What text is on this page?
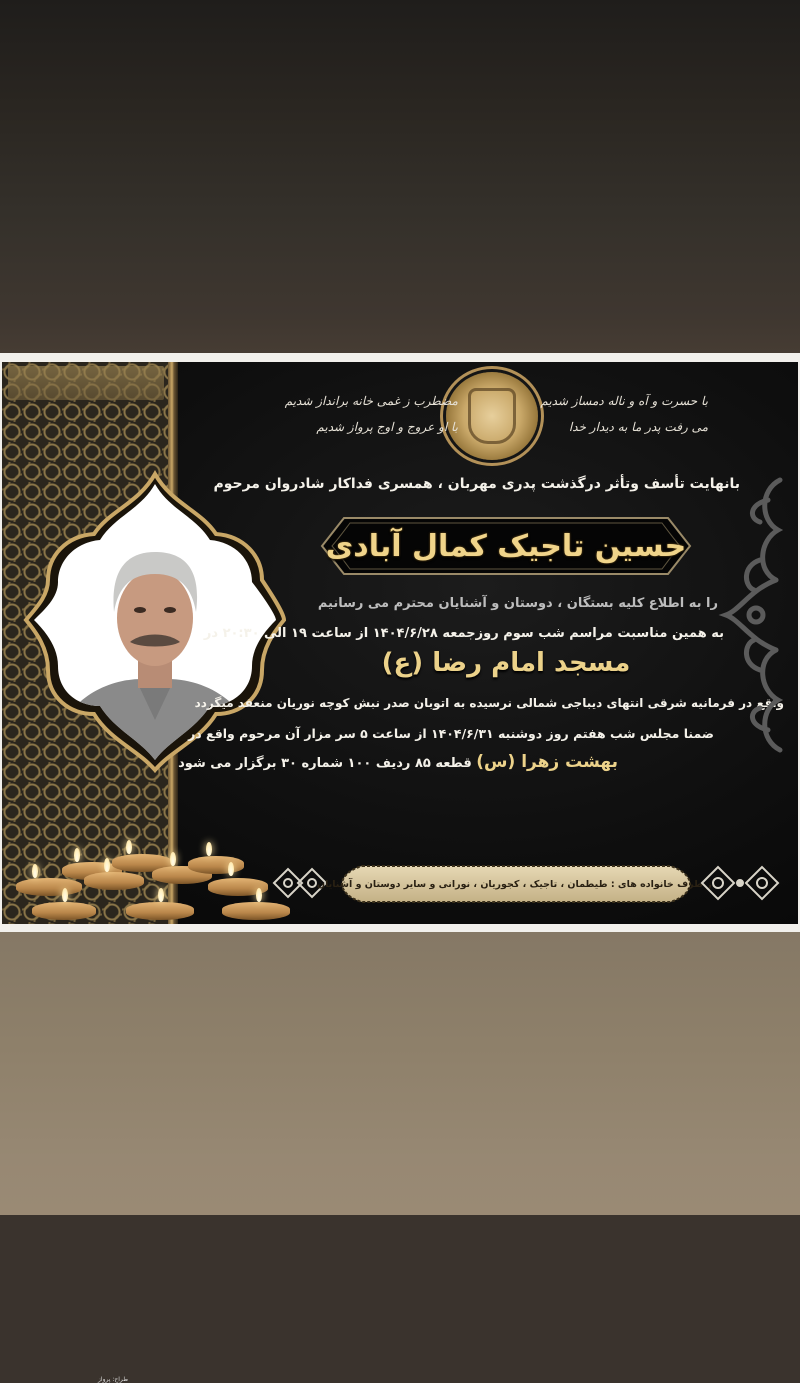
با حسرت و آه و ناله دمساز شدیم
می رفت پدر ما به دیدار خدا
مضطرب ز غمی خانه برانداز شدیم
با او عروج و اوج پرواز شدیم
بانهایت تأسف وتأثر درگذشت پدری مهربان ، همسری فداکار شادروان مرحوم
حسین تاجیک کمال آبادی
را به اطلاع کلیه بستگان ، دوستان و آشنایان محترم می رسانیم
به همین مناسبت مراسم شب سوم روزجمعه ۱۴۰۴/۶/۲۸ از ساعت ۱۹ الی ۲۰:۳۰ در
مسجد امام رضا (ع)
واقع در فرمانیه شرقی انتهای دیباجی شمالی نرسیده به اتوبان صدر نبش کوچه نوریان منعقد میگردد
ضمنا مجلس شب هفتم روز دوشنبه ۱۴۰۴/۶/۳۱ از ساعت ۵ سر مزار آن مرحوم واقع در
بهشت زهرا (س) قطعه ۸۵ ردیف ۱۰۰ شماره ۳۰ برگزار می شود
طراح: پرواز
از طرف خانواده های : طیطمان ، تاجیک ، کجوریان ، نورانی و سایر دوستان و آشنایان
